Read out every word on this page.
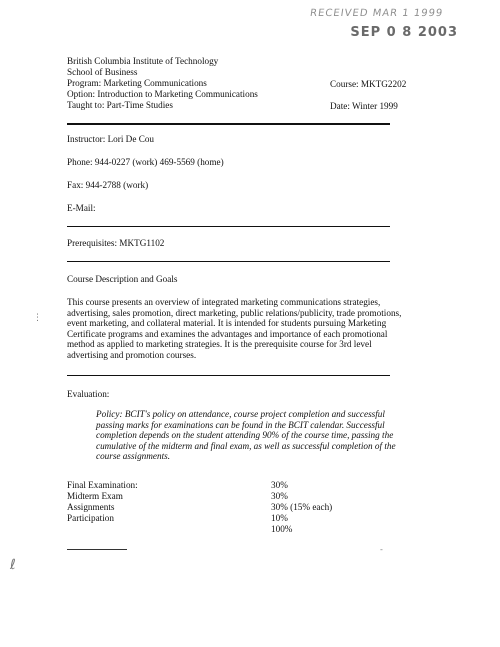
RECEIVED MAR 1 1999
SEP 0 8 2003
British Columbia Institute of Technology
School of Business
Program: Marketing Communications
Option: Introduction to Marketing Communications
Taught to: Part-Time Studies
Course: MKTG2202
Date: Winter 1999
Instructor: Lori De Cou
Phone: 944-0227 (work) 469-5569 (home)
Fax: 944-2788 (work)
E-Mail:
Prerequisites: MKTG1102
Course Description and Goals
This course presents an overview of integrated marketing communications strategies, advertising, sales promotion, direct marketing, public relations/publicity, trade promotions, event marketing, and collateral material. It is intended for students pursuing Marketing Certificate programs and examines the advantages and importance of each promotional method as applied to marketing strategies. It is the prerequisite course for 3rd level advertising and promotion courses.
Evaluation:
Policy: BCIT's policy on attendance, course project completion and successful passing marks for examinations can be found in the BCIT calendar. Successful completion depends on the student attending 90% of the course time, passing the cumulative of the midterm and final exam, as well as successful completion of the course assignments.
Final Examination:	30%
Midterm Exam	30%
Assignments	30% (15% each)
Participation	10%
100%
-
ℓ
⋮
